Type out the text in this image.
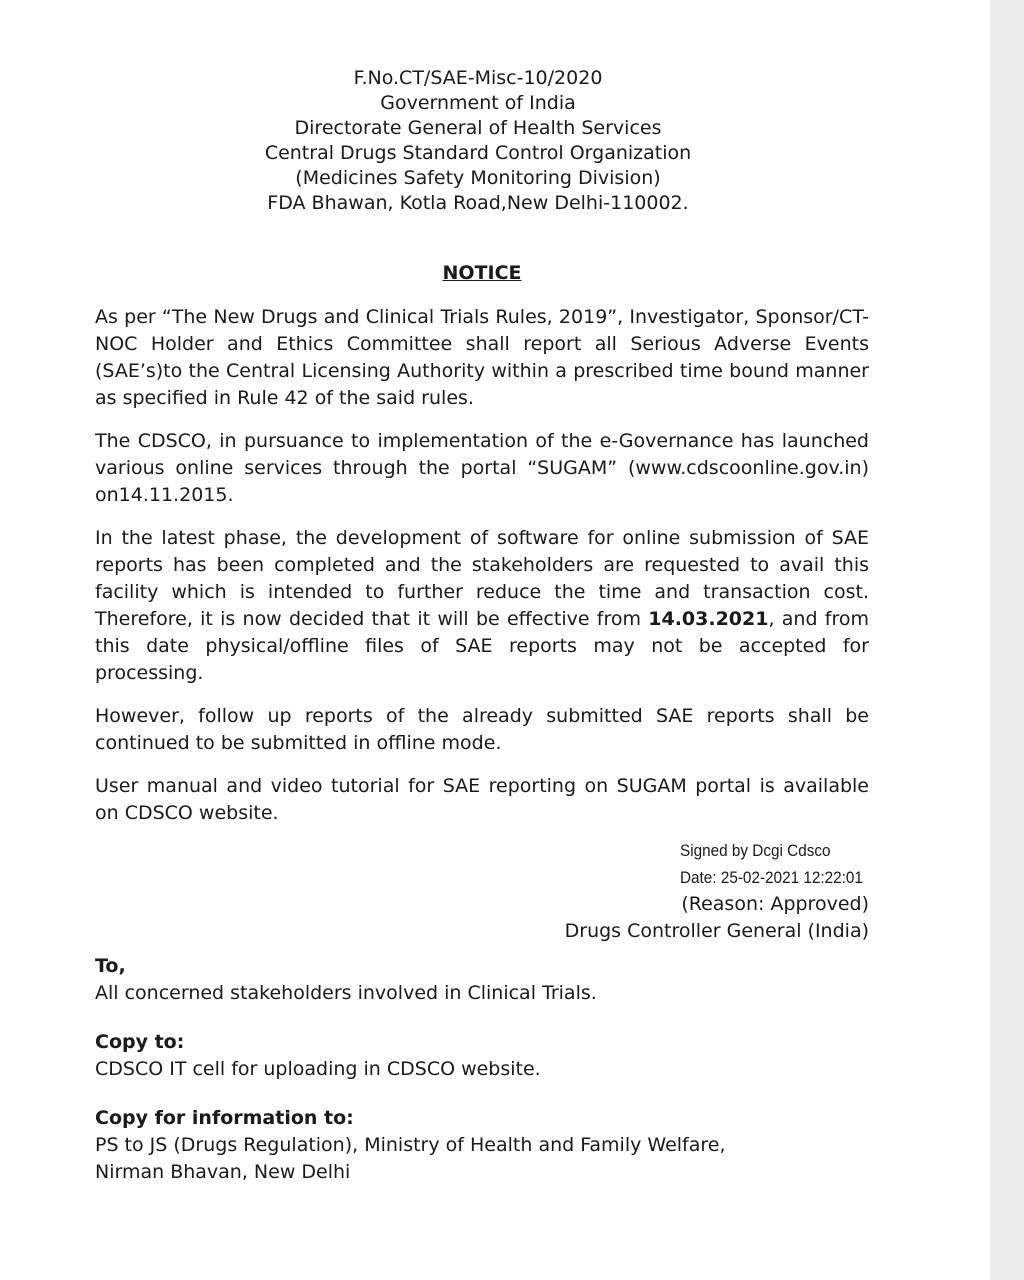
F.No.CT/SAE-Misc-10/2020
Government of India
Directorate General of Health Services
Central Drugs Standard Control Organization
(Medicines Safety Monitoring Division)
FDA Bhawan, Kotla Road,New Delhi-110002.
NOTICE
As per “The New Drugs and Clinical Trials Rules, 2019”, Investigator, Sponsor/CT-NOC Holder and Ethics Committee shall report all Serious Adverse Events (SAE’s)to the Central Licensing Authority within a prescribed time bound manner as specified in Rule 42 of the said rules.
The CDSCO, in pursuance to implementation of the e-Governance has launched various online services through the portal “SUGAM” (www.cdscoonline.gov.in) on14.11.2015.
In the latest phase, the development of software for online submission of SAE reports has been completed and the stakeholders are requested to avail this facility which is intended to further reduce the time and transaction cost. Therefore, it is now decided that it will be effective from 14.03.2021, and from this date physical/offline files of SAE reports may not be accepted for processing.
However, follow up reports of the already submitted SAE reports shall be continued to be submitted in offline mode.
User manual and video tutorial for SAE reporting on SUGAM portal is available on CDSCO website.
Signed by Dcgi Cdsco
Date: 25-02-2021 12:22:01
(Reason: Approved)
Drugs Controller General (India)
To,
All concerned stakeholders involved in Clinical Trials.
Copy to:
CDSCO IT cell for uploading in CDSCO website.
Copy for information to:
PS to JS (Drugs Regulation), Ministry of Health and Family Welfare,
Nirman Bhavan, New Delhi
